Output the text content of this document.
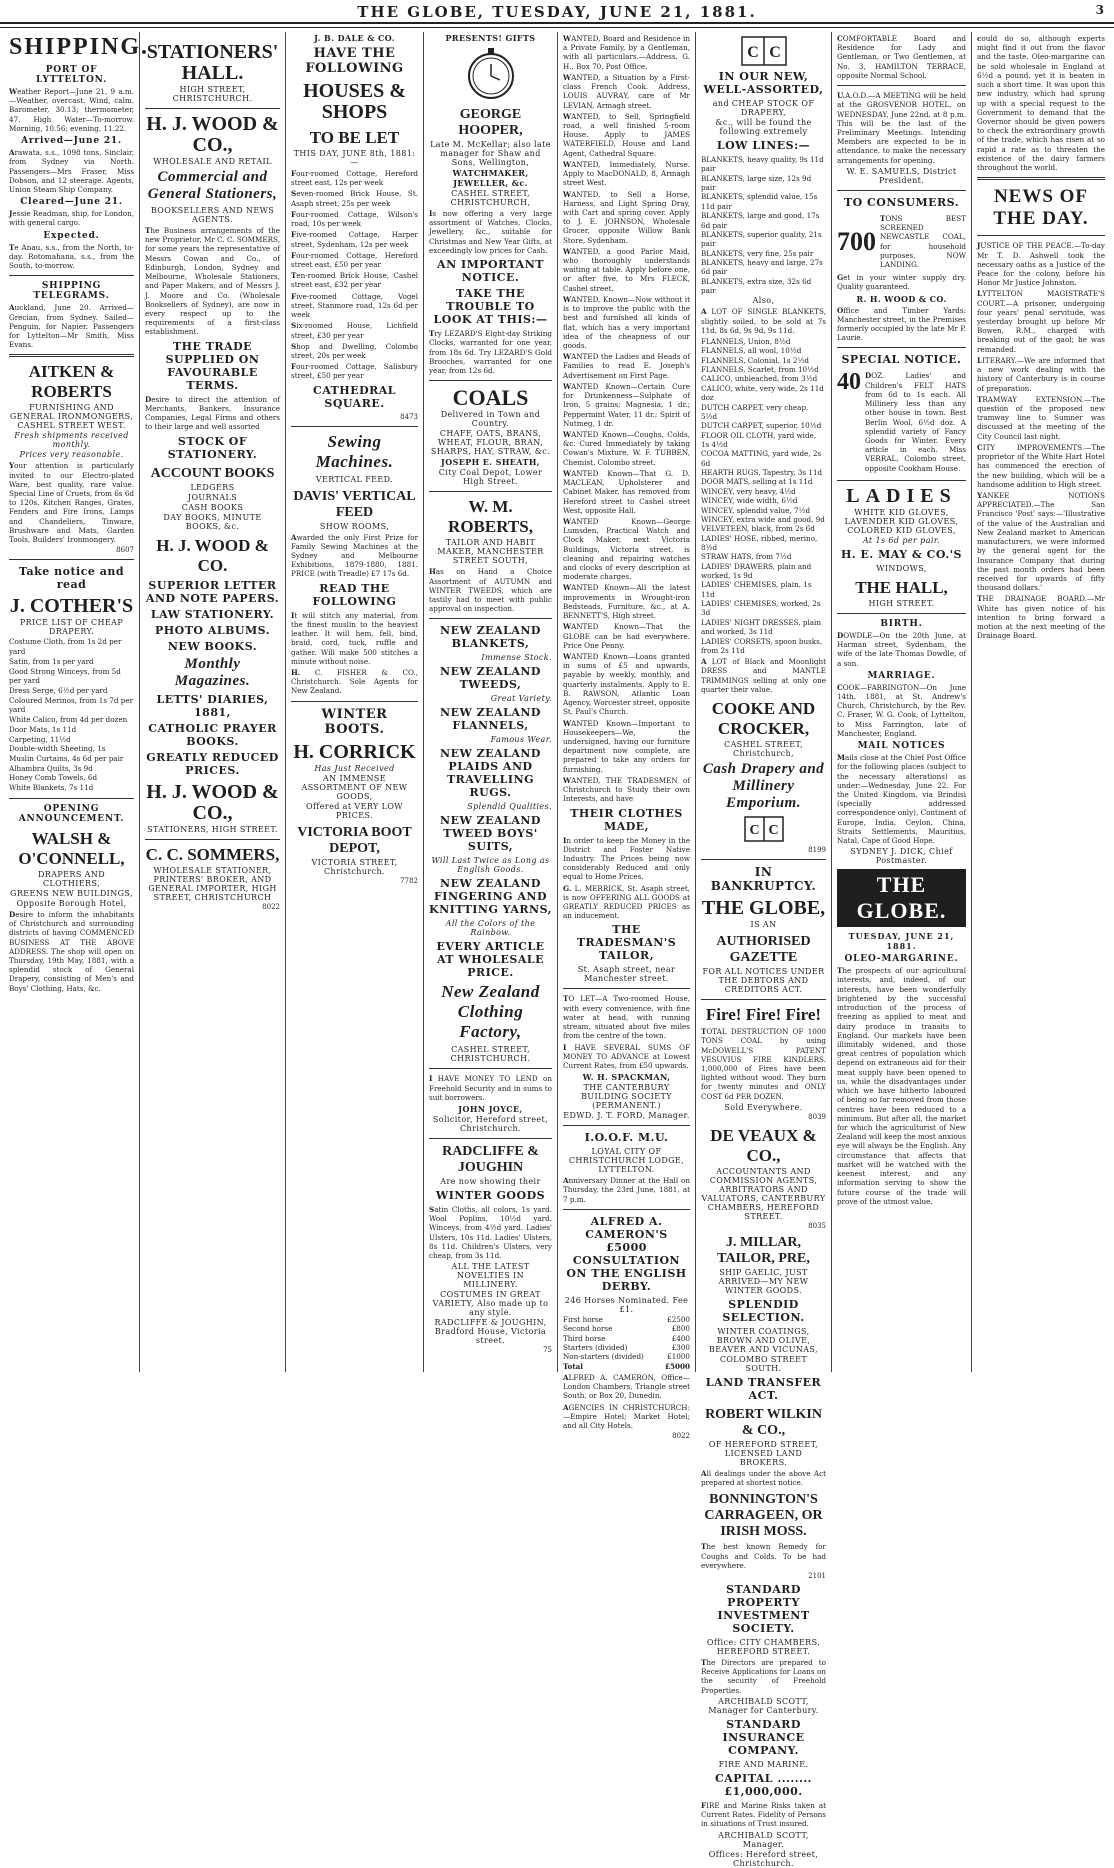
THE GLOBE, TUESDAY, JUNE 21, 1881.	3
SHIPPING.
PORT OF LYTTELTON.

Weather Report—June 21, 9 a.m.—Weather, overcast. Wind, calm. Barometer, 30.13; thermometer, 47. High Water—To-morrow. Morning, 10.56; evening, 11.22.

Arrived—June 21.

Arawata, s.s., 1098 tons, Sinclair, from Sydney via North. Passengers—Mrs Fraser, Miss Dobson, and 12 steerage. Agents, Union Steam Ship Company.

Cleared—June 21.

Jessie Readman, ship, for London, with general cargo.

Expected.

Te Anau, s.s., from the North, to-day. Rotomahana, s.s., from the South, to-morrow.

SHIPPING TELEGRAMS.

Auckland, June 20. Arrived—Grecian, from Sydney. Sailed—Penguin, for Napier. Passengers for Lyttelton—Mr Smith, Miss Evans.

AITKEN & ROBERTS
FURNISHING AND GENERAL IRONMONGERS, CASHEL STREET WEST.
Fresh shipments received monthly.
Prices very reasonable.

Your attention is particularly invited to our Electro-plated Ware, best quality, rare value. Special Line of Cruets, from 6s 6d to 120s. Kitchen Ranges, Grates, Fenders and Fire Irons, Lamps and Chandeliers, Tinware, Brushware and Mats, Garden Tools, Builders' Ironmongery.

8607
Take notice and read
J. COTHER'S
PRICE LIST OF CHEAP DRAPERY.
Costume Cloth, from 1s 2d per yard
Satin, from 1s per yard
Good Strong Winceys, from 5d per yard
Dress Serge, 6½d per yard
Coloured Merinos, from 1s 7d per yard
White Calico, from 4d per dozen
Door Mats, 1s 11d
Carpeting, 11½d
Double-width Sheeting, 1s
Muslin Curtains, 4s 6d per pair
Alhambra Quilts, 3s 9d
Honey Comb Towels, 6d
White Blankets, 7s 11d
OPENING ANNOUNCEMENT.
WALSH & O'CONNELL,
DRAPERS AND CLOTHIERS,
GREENS NEW BUILDINGS,
Opposite Borough Hotel,

Desire to inform the inhabitants of Christchurch and surrounding districts of having COMMENCED BUSINESS AT THE ABOVE ADDRESS. The shop will open on Thursday, 19th May, 1881, with a splendid stock of General Drapery, consisting of Men's and Boys' Clothing, Hats, &c.

STATIONERS' HALL.
HIGH STREET, CHRISTCHURCH.
H. J. WOOD & CO.,
WHOLESALE AND RETAIL
Commercial and General Stationers,
BOOKSELLERS AND NEWS AGENTS.

The Business arrangements of the new Proprietor, Mr C. C. SOMMERS, for some years the representative of Messrs Cowan and Co., of Edinburgh, London, Sydney and Melbourne, Wholesale Stationers, and Paper Makers, and of Messrs J. J. Moore and Co. (Wholesale Booksellers of Sydney), are now in every respect up to the requirements of a first-class establishment.

THE TRADE SUPPLIED ON FAVOURABLE TERMS.

Desire to direct the attention of Merchants, Bankers, Insurance Companies, Legal Firms and others to their large and well assorted

STOCK OF STATIONERY.
ACCOUNT BOOKS
LEDGERS
JOURNALS
CASH BOOKS
DAY BOOKS, MINUTE BOOKS, &c.
H. J. WOOD & CO.
SUPERIOR LETTER AND NOTE PAPERS.
LAW STATIONERY.
PHOTO ALBUMS.
NEW BOOKS.
Monthly Magazines.
LETTS' DIARIES, 1881,
CATHOLIC PRAYER BOOKS.
GREATLY REDUCED PRICES.
H. J. WOOD & CO.,
STATIONERS, HIGH STREET.
C. C. SOMMERS,
WHOLESALE STATIONER, PRINTERS' BROKER, AND GENERAL IMPORTER, HIGH STREET, CHRISTCHURCH
8022
J. B. DALE & CO.
HAVE THE FOLLOWING
HOUSES & SHOPS
TO BE LET
THIS DAY, JUNE 8th, 1881:—

Four-roomed Cottage, Hereford street east, 12s per week

Seven-roomed Brick House, St. Asaph street, 25s per week

Four-roomed Cottage, Wilson's road, 10s per week

Five-roomed Cottage, Harper street, Sydenham, 12s per week

Four-roomed Cottage, Hereford street east, £50 per year

Ten-roomed Brick House, Cashel street east, £32 per year

Five-roomed Cottage, Vogel street, Stanmore road, 12s 6d per week

Six-roomed House, Lichfield street, £30 per year

Shop and Dwelling, Colombo street, 20s per week

Four-roomed Cottage, Salisbury street, £50 per year

CATHEDRAL SQUARE.
8473
Sewing Machines.
VERTICAL FEED.
DAVIS' VERTICAL FEED
SHOW ROOMS,

Awarded the only First Prize for Family Sewing Machines at the Sydney and Melbourne Exhibitions, 1879-1880, 1881. PRICE (with Treadle) £7 17s 6d.

READ THE FOLLOWING

It will stitch any material, from the finest muslin to the heaviest leather. It will hem, fell, bind, braid, cord, tuck, ruffle and gather. Will make 500 stitches a minute without noise.

H. C. FISHER & CO., Christchurch. Sole Agents for New Zealand.

WINTER BOOTS.
H. CORRICK
Has Just Received
AN IMMENSE ASSORTMENT OF NEW GOODS,
Offered at VERY LOW PRICES.
VICTORIA BOOT DEPOT,
VICTORIA STREET, Christchurch.
7782
PRESENTS! GIFTS
GEORGE HOOPER,
Late M. McKellar; also late manager for Shaw and Sons, Wellington,
WATCHMAKER, JEWELLER, &c.
CASHEL STREET, CHRISTCHURCH,

Is now offering a very large assortment of Watches, Clocks, Jewellery, &c., suitable for Christmas and New Year Gifts, at exceedingly low prices for Cash.

AN IMPORTANT NOTICE.
TAKE THE TROUBLE TO LOOK AT THIS:—

Try LEZARD'S Eight-day Striking Clocks, warranted for one year, from 18s 6d. Try LEZARD'S Gold Brooches, warranted for one year, from 12s 6d.

COALS
Delivered in Town and Country.
CHAFF, OATS, BRANS, WHEAT, FLOUR, BRAN, SHARPS, HAY, STRAW, &c.
JOSEPH E. SHEATH,
City Coal Depot, Lower High Street.
W. M. ROBERTS,
TAILOR AND HABIT MAKER, MANCHESTER STREET SOUTH,

Has on Hand a Choice Assortment of AUTUMN and WINTER TWEEDS, which are tastily had to meet with public approval on inspection.

NEW ZEALAND BLANKETS,
Immense Stock.
NEW ZEALAND TWEEDS,
Great Variety.
NEW ZEALAND FLANNELS,
Famous Wear.
NEW ZEALAND PLAIDS AND TRAVELLING RUGS.
Splendid Qualities.
NEW ZEALAND TWEED BOYS' SUITS,
Will Last Twice as Long as English Goods.
NEW ZEALAND FINGERING AND KNITTING YARNS,
All the Colors of the Rainbow.
EVERY ARTICLE AT WHOLESALE PRICE.
New Zealand Clothing Factory,
CASHEL STREET, CHRISTCHURCH.

I HAVE MONEY TO LEND on Freehold Security and in sums to suit borrowers.

JOHN JOYCE,
Solicitor, Hereford street, Christchurch.
RADCLIFFE & JOUGHIN
Are now showing their
WINTER GOODS

Satin Cloths, all colors, 1s yard. Wool Poplins, 10½d yard. Winceys, from 4½d yard. Ladies' Ulsters, 10s 11d. Ladies' Ulsters, 8s 11d. Children's Ulsters, very cheap, from 3s 11d.

ALL THE LATEST NOVELTIES IN MILLINERY.
COSTUMES IN GREAT VARIETY, Also made up to any style.
RADCLIFFE & JOUGHIN, Bradford House, Victoria street.
75

WANTED, Board and Residence in a Private Family, by a Gentleman, with all particulars.—Address, G. H., Box 70, Post Office.

WANTED, a Situation by a First-class French Cook. Address, LOUIS AUVRAY, care of Mr LEVIAN, Armagh street.

WANTED, to Sell, Springfield road, a well finished 5-room House. Apply to JAMES WATERFIELD, House and Land Agent, Cathedral Square.

WANTED, Immediately, Nurse. Apply to MacDONALD, 8, Armagh street West.

WANTED, to Sell a Horse, Harness, and Light Spring Dray, with Cart and spring cover. Apply to J. E. JOHNSON, Wholesale Grocer, opposite Willow Bank Store, Sydenham.

WANTED, a good Parlor Maid, who thoroughly understands waiting at table. Apply before one, or after five, to Mrs FLECK, Cashel street.

WANTED, Known—Now without it is to improve the public with the best and furnished all kinds of flat, which has a very important idea of the cheapness of our goods.

WANTED the Ladies and Heads of Families to read E. Joseph's Advertisement on First Page.

WANTED Known—Certain Cure for Drunkenness—Sulphate of Iron, 5 grains; Magnesia, 1 dr.; Peppermint Water, 11 dr.; Spirit of Nutmeg, 1 dr.

WANTED Known—Coughs, Colds, &c. Cured Immediately by taking Cowan's Mixture. W. F. TUBBEN, Chemist, Colombo street.

WANTED Known—That G. D. MACLEAN, Upholsterer and Cabinet Maker, has removed from Hereford street to Cashel street West, opposite Hall.

WANTED Known—George Lumsden, Practical Watch and Clock Maker, next Victoria Buildings, Victoria street, is cleaning and repairing watches and clocks of every description at moderate charges.

WANTED Known—All the latest improvements in Wrought-iron Bedsteads, Furniture, &c., at A. BENNETT'S, High street.

WANTED Known—That the GLOBE can be had everywhere. Price One Penny.

WANTED Known—Loans granted in sums of £5 and upwards, payable by weekly, monthly, and quarterly instalments. Apply to E. B. RAWSON, Atlantic Loan Agency, Worcester street, opposite St. Paul's Church.

WANTED Known—Important to Housekeepers—We, the undersigned, having our furniture department now complete, are prepared to take any orders for furnishing.

WANTED, THE TRADESMEN of Christchurch to Study their own Interests, and have

THEIR CLOTHES MADE,

In order to keep the Money in the District and Foster Native Industry. The Prices being now considerably Reduced and only equal to Home Prices.

G. L. MERRICK, St. Asaph street, is now OFFERING ALL GOODS at GREATLY REDUCED PRICES as an inducement.

THE TRADESMAN'S TAILOR,
St. Asaph street, near Manchester street.

TO LET—A Two-roomed House, with every convenience, with fine water at head, with running stream, situated about five miles from the centre of the town.

I HAVE SEVERAL SUMS OF MONEY TO ADVANCE at Lowest Current Rates, from £50 upwards.

W. H. SPACKMAN,
THE CANTERBURY BUILDING SOCIETY (PERMANENT.)
EDWD. J. T. FORD, Manager.
I.O.O.F. M.U.
LOYAL CITY OF CHRISTCHURCH LODGE, LYTTELTON.

Anniversary Dinner at the Hall on Thursday, the 23rd June, 1881, at 7 p.m.

ALFRED A. CAMERON'S £5000 CONSULTATION ON THE ENGLISH DERBY.
246 Horses Nominated. Fee £1.
First horse	£2500
Second horse	£800
Third horse	£400
Starters (divided)	£300
Non-starters (divided)	£1000
Total	£5000

ALFRED A. CAMERON, Office—London Chambers, Triangle street South, or Box 20, Dunedin.

AGENCIES IN CHRISTCHURCH:—Empire Hotel; Market Hotel; and all City Hotels.

8022
C C
IN OUR NEW, WELL-ASSORTED,
and CHEAP STOCK OF DRAPERY,
&c., will be found the following extremely
LOW LINES:—
BLANKETS, heavy quality, 9s 11d pair
BLANKETS, large size, 12s 9d pair
BLANKETS, splendid value, 15s 11d pair
BLANKETS, large and good, 17s 6d pair
BLANKETS, superior quality, 21s pair
BLANKETS, very fine, 25s pair
BLANKETS, heavy and large, 27s 6d pair
BLANKETS, extra size, 32s 6d pair
Also,

A LOT OF SINGLE BLANKETS, slightly soiled, to be sold at 7s 11d, 8s 6d, 9s 9d, 9s 11d.

FLANNELS, Union, 8½d
FLANNELS, all wool, 10½d
FLANNELS, Colonial, 1s 2½d
FLANNELS, Scarlet, from 10½d
CALICO, unbleached, from 3½d
CALICO, white, very wide, 2s 11d doz
DUTCH CARPET, very cheap, 5½d
DUTCH CARPET, superior, 10½d
FLOOR OIL CLOTH, yard wide, 1s 4½d
COCOA MATTING, yard wide, 2s 6d
HEARTH RUGS, Tapestry, 3s 11d
DOOR MATS, selling at 1s 11d
WINCEY, very heavy, 4½d
WINCEY, wide width, 6½d
WINCEY, splendid value, 7½d
WINCEY, extra wide and good, 9d
VELVETEEN, black, from 2s 6d
LADIES' HOSE, ribbed, merino, 8½d
STRAW HATS, from 7½d
LADIES' DRAWERS, plain and worked, 1s 9d
LADIES' CHEMISES, plain, 1s 11d
LADIES' CHEMISES, worked, 2s 3d
LADIES' NIGHT DRESSES, plain and worked, 3s 11d
LADIES' CORSETS, spoon busks, from 2s 11d

A LOT of Black and Moonlight DRESS and MANTLE TRIMMINGS selling at only one quarter their value.

COOKE AND CROCKER,
CASHEL STREET, Christchurch,
Cash Drapery and Millinery Emporium.
C C
8199
IN BANKRUPTCY.
THE GLOBE,
IS AN
AUTHORISED GAZETTE
FOR ALL NOTICES UNDER THE DEBTORS AND CREDITORS ACT.
Fire! Fire! Fire!

TOTAL DESTRUCTION OF 1000 TONS COAL by using McDOWELL'S PATENT VESUVIUS FIRE KINDLERS. 1,000,000 of Fires have been lighted without wood. They burn for twenty minutes and ONLY COST 6d PER DOZEN.

Sold Everywhere.
8039
DE VEAUX & CO.,
ACCOUNTANTS AND COMMISSION AGENTS, ARBITRATORS AND VALUATORS, CANTERBURY CHAMBERS, HEREFORD STREET.
8035
J. MILLAR, TAILOR, PRE,
SHIP GAELIC, JUST ARRIVED—MY NEW WINTER GOODS.
SPLENDID SELECTION.
WINTER COATINGS, BROWN AND OLIVE, BEAVER AND VICUNAS,
COLOMBO STREET SOUTH.
LAND TRANSFER ACT.
ROBERT WILKIN & CO.,
OF HEREFORD STREET, LICENSED LAND BROKERS.

All dealings under the above Act prepared at shortest notice.

BONNINGTON'S CARRAGEEN, OR IRISH MOSS.

The best known Remedy for Coughs and Colds. To be had everywhere.

2101
STANDARD PROPERTY INVESTMENT SOCIETY.
Office: CITY CHAMBERS, HEREFORD STREET.

The Directors are prepared to Receive Applications for Loans on the security of Freehold Properties.

ARCHIBALD SCOTT, Manager for Canterbury.
STANDARD INSURANCE COMPANY.
FIRE AND MARINE.
CAPITAL ........ £1,000,000.

FIRE and Marine Risks taken at Current Rates. Fidelity of Persons in situations of Trust insured.

ARCHIBALD SCOTT, Manager.
Offices: Hereford street, Christchurch.

COMFORTABLE Board and Residence for Lady and Gentleman, or Two Gentlemen, at No. 3, HAMILTON TERRACE, opposite Normal School.

U.A.O.D.—A MEETING will be held at the GROSVENOR HOTEL, on WEDNESDAY, June 22nd, at 8 p.m. This will be the last of the Preliminary Meetings. Intending Members are expected to be in attendance, to make the necessary arrangements for opening.

W. E. SAMUELS, District President.
TO CONSUMERS.
700
TONS BEST SCREENED NEWCASTLE COAL, for household purposes, NOW LANDING.

Get in your winter supply dry. Quality guaranteed.

R. H. WOOD & CO.

Office and Timber Yards: Manchester street, in the Premises formerly occupied by the late Mr P. Laurie.

SPECIAL NOTICE.
40 DOZ. Ladies' and Children's FELT HATS from 6d to 1s each. All Millinery less than any other house in town. Best Berlin Wool, 6½d doz. A splendid variety of Fancy Goods for Winter. Every article in each. Miss VERRAL, Colombo street, opposite Cookham House.
LADIES
WHITE KID GLOVES, LAVENDER KID GLOVES, COLORED KID GLOVES,
At 1s 6d per pair.
H. E. MAY & CO.'S
WINDOWS,
THE HALL,
HIGH STREET.
BIRTH.

DOWDLE—On the 20th June, at Harman street, Sydenham, the wife of the late Thomas Dowdle, of a son.

MARRIAGE.

COOK—FARRINGTON—On June 14th, 1881, at St. Andrew's Church, Christchurch, by the Rev. C. Fraser, W. G. Cook, of Lyttelton, to Miss Farrington, late of Manchester, England.

MAIL NOTICES

Mails close at the Chief Post Office for the following places (subject to the necessary alterations) as under:—Wednesday, June 22. For the United Kingdom, via Brindisi (specially addressed correspondence only), Continent of Europe, India, Ceylon, China, Straits Settlements, Mauritius, Natal, Cape of Good Hope.

SYDNEY J. DICK, Chief Postmaster.
THE GLOBE.
TUESDAY, JUNE 21, 1881.
OLEO-MARGARINE.

The prospects of our agricultural interests, and, indeed, of our interests, have been wonderfully brightened by the successful introduction of the process of freezing as applied to meat and dairy produce in transits to England. Our markets have been illimitably widened, and those great centres of population which depend on extraneous aid for their meat supply have been opened to us, while the disadvantages under which we have hitherto laboured of being so far removed from those centres have been reduced to a minimum. But after all, the market for which the agriculturist of New Zealand will keep the most anxious eye will always be the English. Any circumstance that affects that market will be watched with the keenest interest, and any information serving to show the future course of the trade will prove of the utmost value.

could do so, although experts might find it out from the flavor and the taste. Oleo-margarine can be sold wholesale in England at 6½d a pound, yet it is beaten in such a short time. It was upon this new industry, which had sprung up with a special request to the Government to demand that the Governor should be given powers to check the extraordinary growth of the trade, which has risen at so rapid a rate as to threaten the existence of the dairy farmers throughout the world.

NEWS OF THE DAY.

JUSTICE OF THE PEACE.—To-day Mr T. D. Ashwell took the necessary oaths as a Justice of the Peace for the colony, before his Honor Mr Justice Johnston.

LYTTELTON MAGISTRATE'S COURT.—A prisoner, undergoing four years' penal servitude, was yesterday brought up before Mr Bowen, R.M., charged with breaking out of the gaol; he was remanded.

LITERARY.—We are informed that a new work dealing with the history of Canterbury is in course of preparation.

TRAMWAY EXTENSION.—The question of the proposed new tramway line to Sumner was discussed at the meeting of the City Council last night.

CITY IMPROVEMENTS.—The proprietor of the White Hart Hotel has commenced the erection of the new building, which will be a handsome addition to High street.

YANKEE NOTIONS APPRECIATED.—The San Francisco 'Post' says:—'Illustrative of the value of the Australian and New Zealand market to American manufacturers, we were informed by the general agent for the Insurance Company that during the past month orders had been received for upwards of fifty thousand dollars.'

THE DRAINAGE BOARD.—Mr White has given notice of his intention to bring forward a motion at the next meeting of the Drainage Board.
